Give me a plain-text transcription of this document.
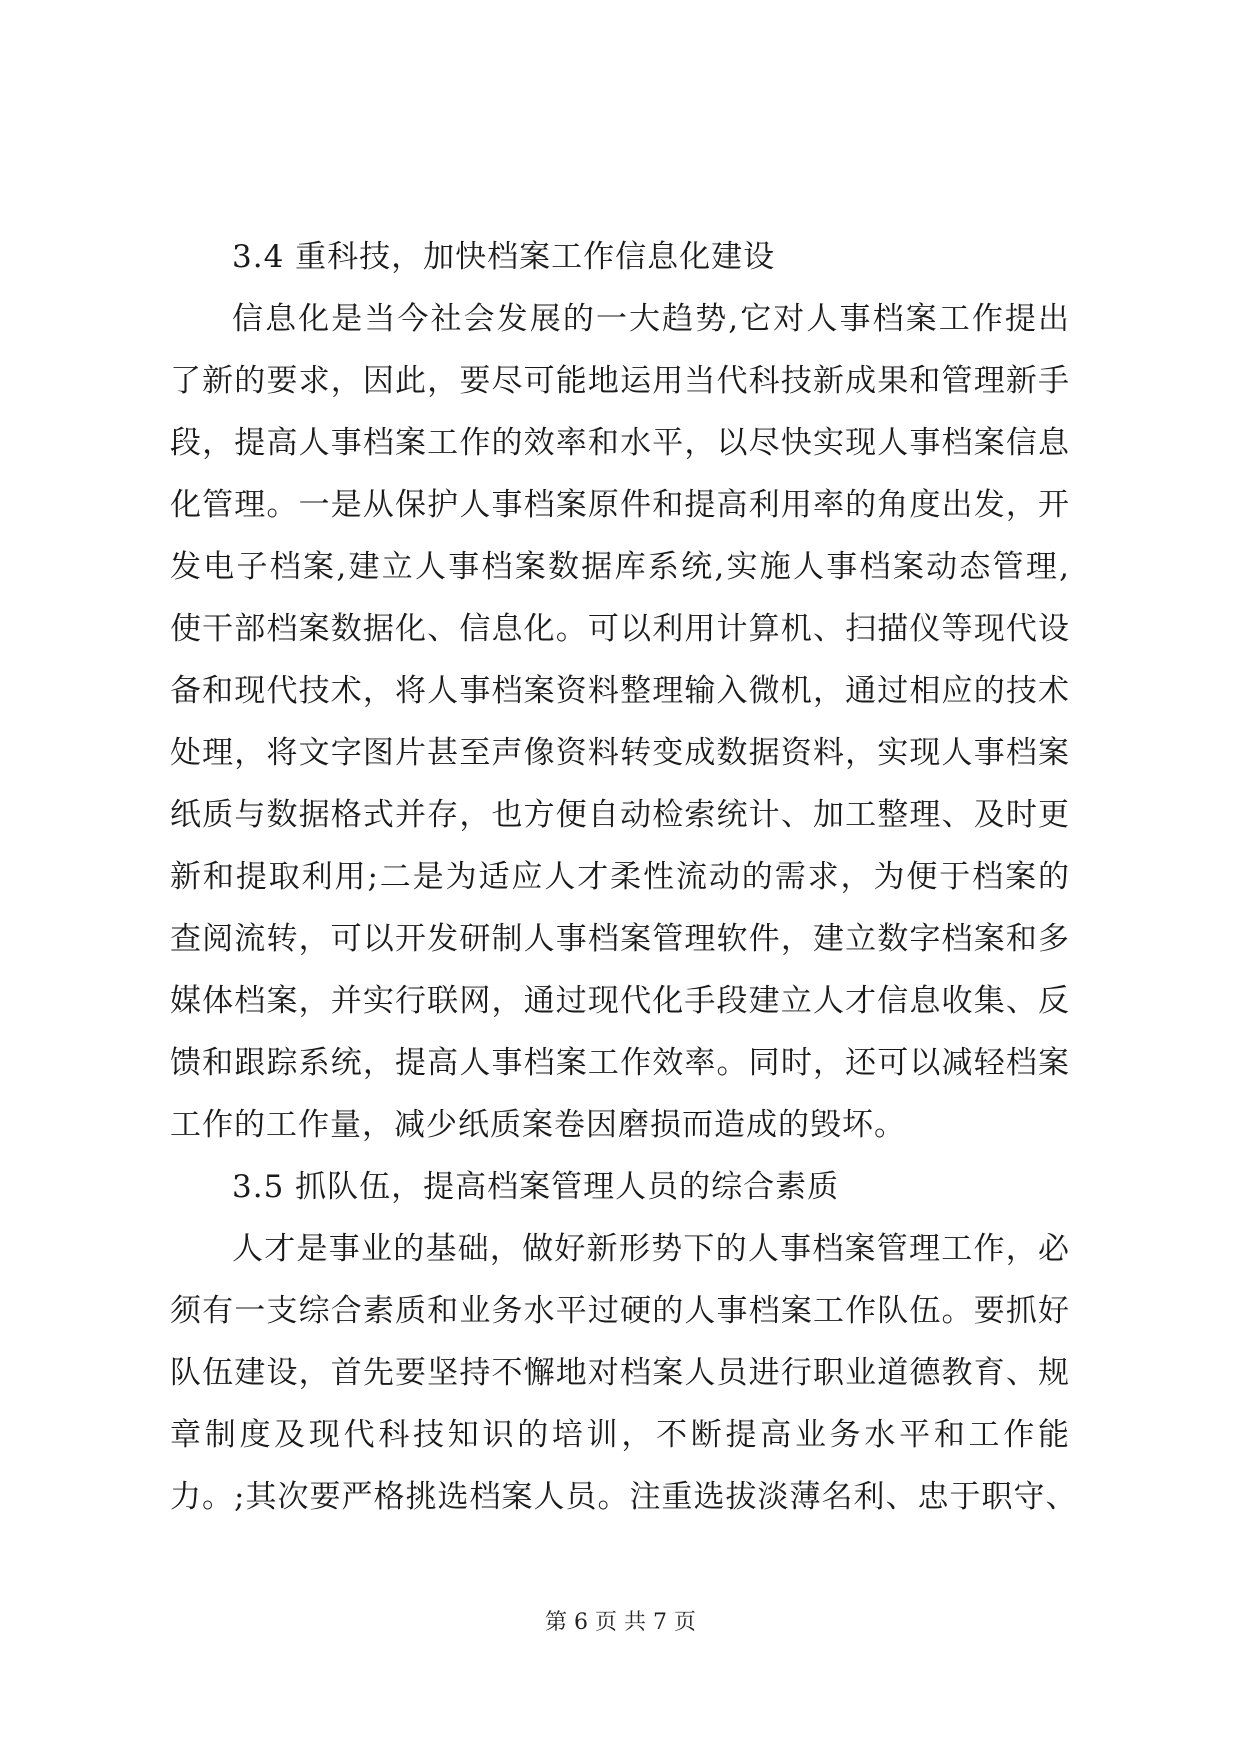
3.4 重科技，加快档案工作信息化建设
信息化是当今社会发展的一大趋势,它对人事档案工作提出
了新的要求，因此，要尽可能地运用当代科技新成果和管理新手
段，提高人事档案工作的效率和水平，以尽快实现人事档案信息
化管理。一是从保护人事档案原件和提高利用率的角度出发，开
发电子档案,建立人事档案数据库系统,实施人事档案动态管理,
使干部档案数据化、信息化。可以利用计算机、扫描仪等现代设
备和现代技术，将人事档案资料整理输入微机，通过相应的技术
处理，将文字图片甚至声像资料转变成数据资料，实现人事档案
纸质与数据格式并存，也方便自动检索统计、加工整理、及时更
新和提取利用;二是为适应人才柔性流动的需求，为便于档案的
查阅流转，可以开发研制人事档案管理软件，建立数字档案和多
媒体档案，并实行联网，通过现代化手段建立人才信息收集、反
馈和跟踪系统，提高人事档案工作效率。同时，还可以减轻档案
工作的工作量，减少纸质案卷因磨损而造成的毁坏。
3.5 抓队伍，提高档案管理人员的综合素质
人才是事业的基础，做好新形势下的人事档案管理工作，必
须有一支综合素质和业务水平过硬的人事档案工作队伍。要抓好
队伍建设，首先要坚持不懈地对档案人员进行职业道德教育、规
章制度及现代科技知识的培训，不断提高业务水平和工作能
力。;其次要严格挑选档案人员。注重选拔淡薄名利、忠于职守、
第 6 页 共 7 页
